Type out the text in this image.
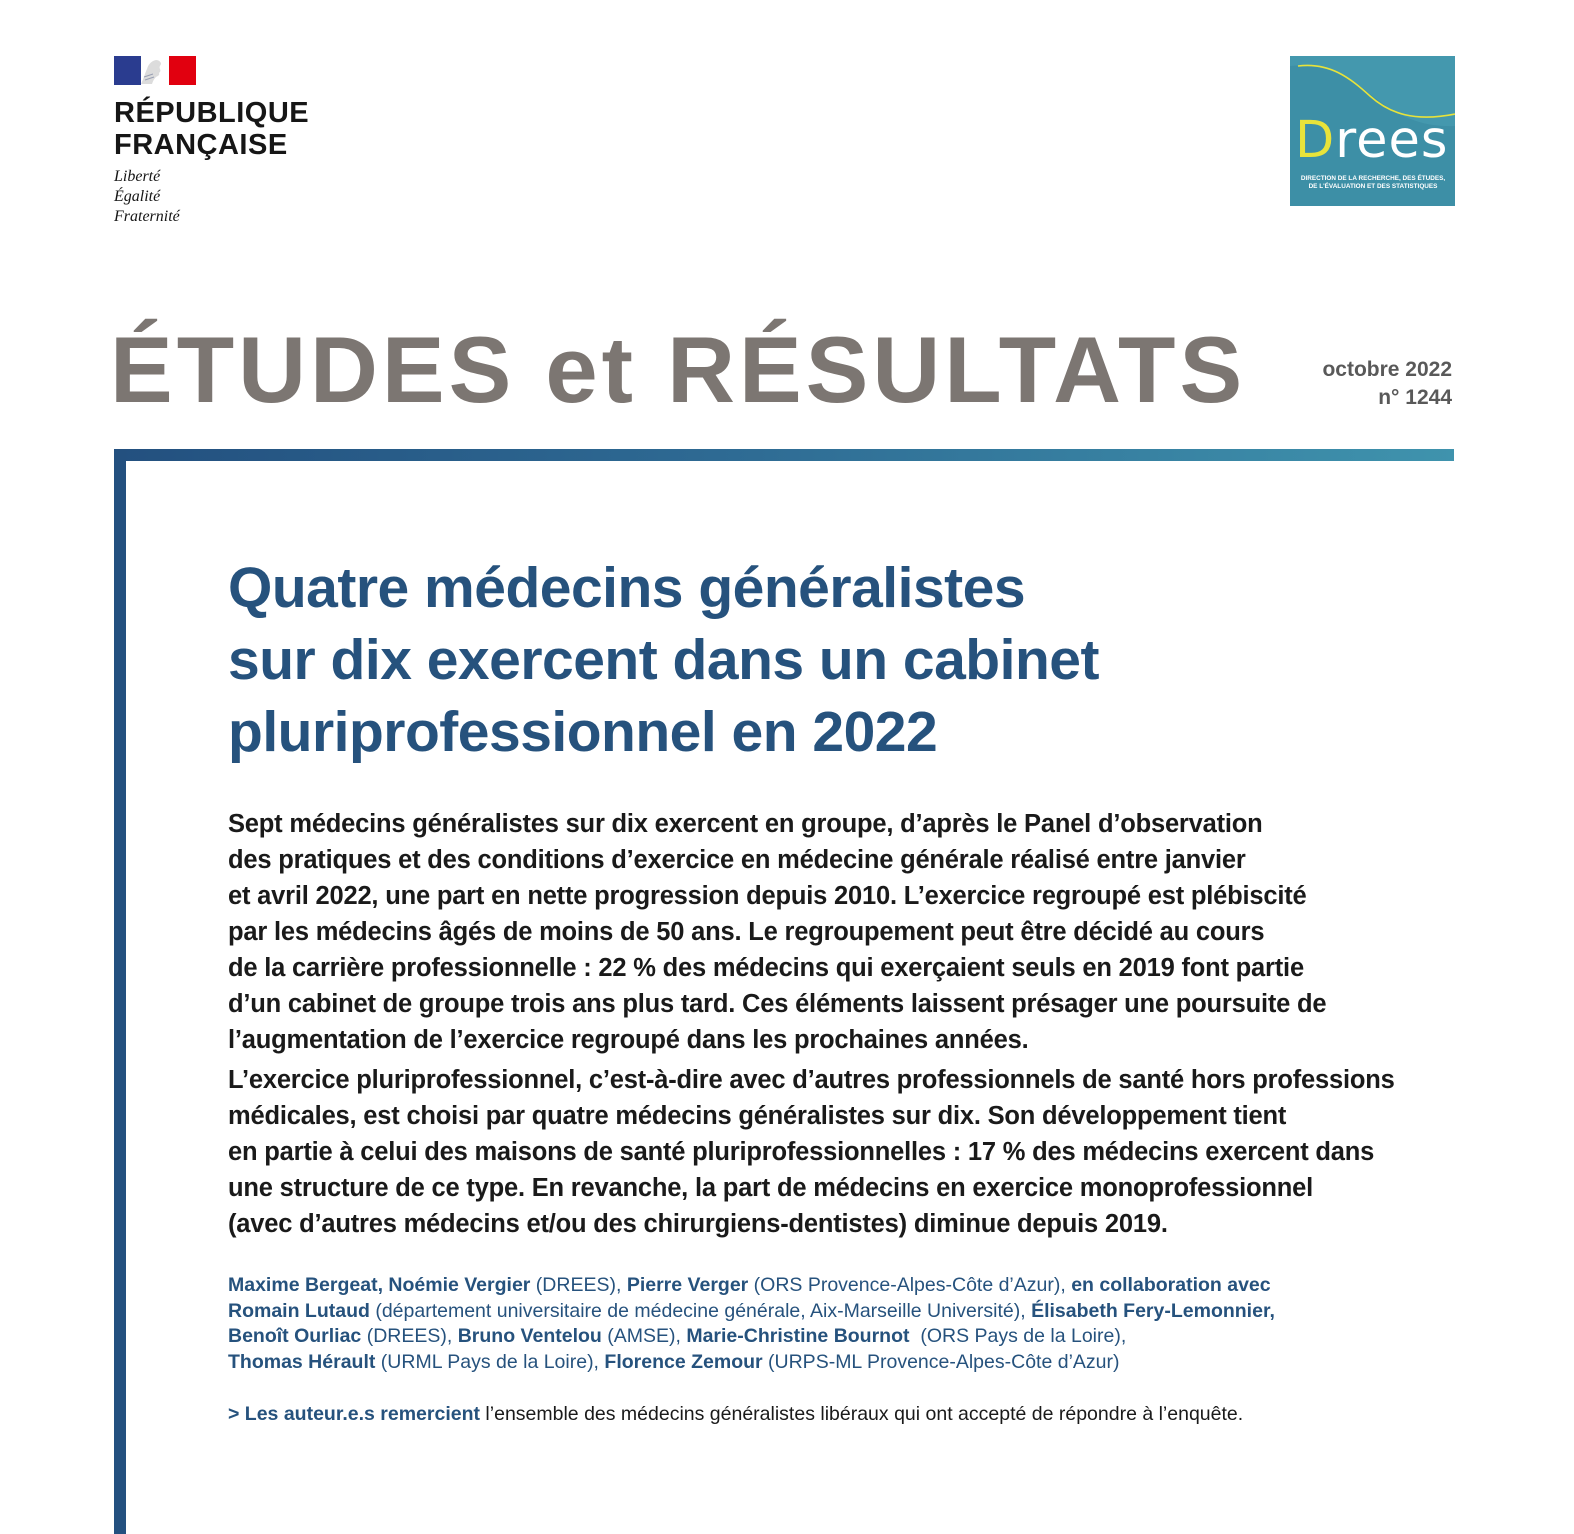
RÉPUBLIQUE
FRANÇAISE
Liberté
Égalité
Fraternité
Drees
DIRECTION DE LA RECHERCHE, DES ÉTUDES,
DE L'ÉVALUATION ET DES STATISTIQUES
ÉTUDES et RÉSULTATS	octobre 2022
n° 1244
Quatre médecins généralistes
sur dix exercent dans un cabinet
pluriprofessionnel en 2022

Sept médecins généralistes sur dix exercent en groupe, d’après le Panel d’observation
des pratiques et des conditions d’exercice en médecine générale réalisé entre janvier
et avril 2022, une part en nette progression depuis 2010. L’exercice regroupé est plébiscité
par les médecins âgés de moins de 50 ans. Le regroupement peut être décidé au cours
de la carrière professionnelle : 22 % des médecins qui exerçaient seuls en 2019 font partie
d’un cabinet de groupe trois ans plus tard. Ces éléments laissent présager une poursuite de
l’augmentation de l’exercice regroupé dans les prochaines années.

L’exercice pluriprofessionnel, c’est-à-dire avec d’autres professionnels de santé hors professions
médicales, est choisi par quatre médecins généralistes sur dix. Son développement tient
en partie à celui des maisons de santé pluriprofessionnelles : 17 % des médecins exercent dans
une structure de ce type. En revanche, la part de médecins en exercice monoprofessionnel
(avec d’autres médecins et/ou des chirurgiens-dentistes) diminue depuis 2019.

Maxime Bergeat, Noémie Vergier (DREES), Pierre Verger (ORS Provence-Alpes-Côte d’Azur), en collaboration avec
Romain Lutaud (département universitaire de médecine générale, Aix-Marseille Université), Élisabeth Fery-Lemonnier,
Benoît Ourliac (DREES), Bruno Ventelou (AMSE), Marie-Christine Bournot  (ORS Pays de la Loire),
Thomas Hérault (URML Pays de la Loire), Florence Zemour (URPS-ML Provence-Alpes-Côte d’Azur)
> Les auteur.e.s remercient l’ensemble des médecins généralistes libéraux qui ont accepté de répondre à l’enquête.
